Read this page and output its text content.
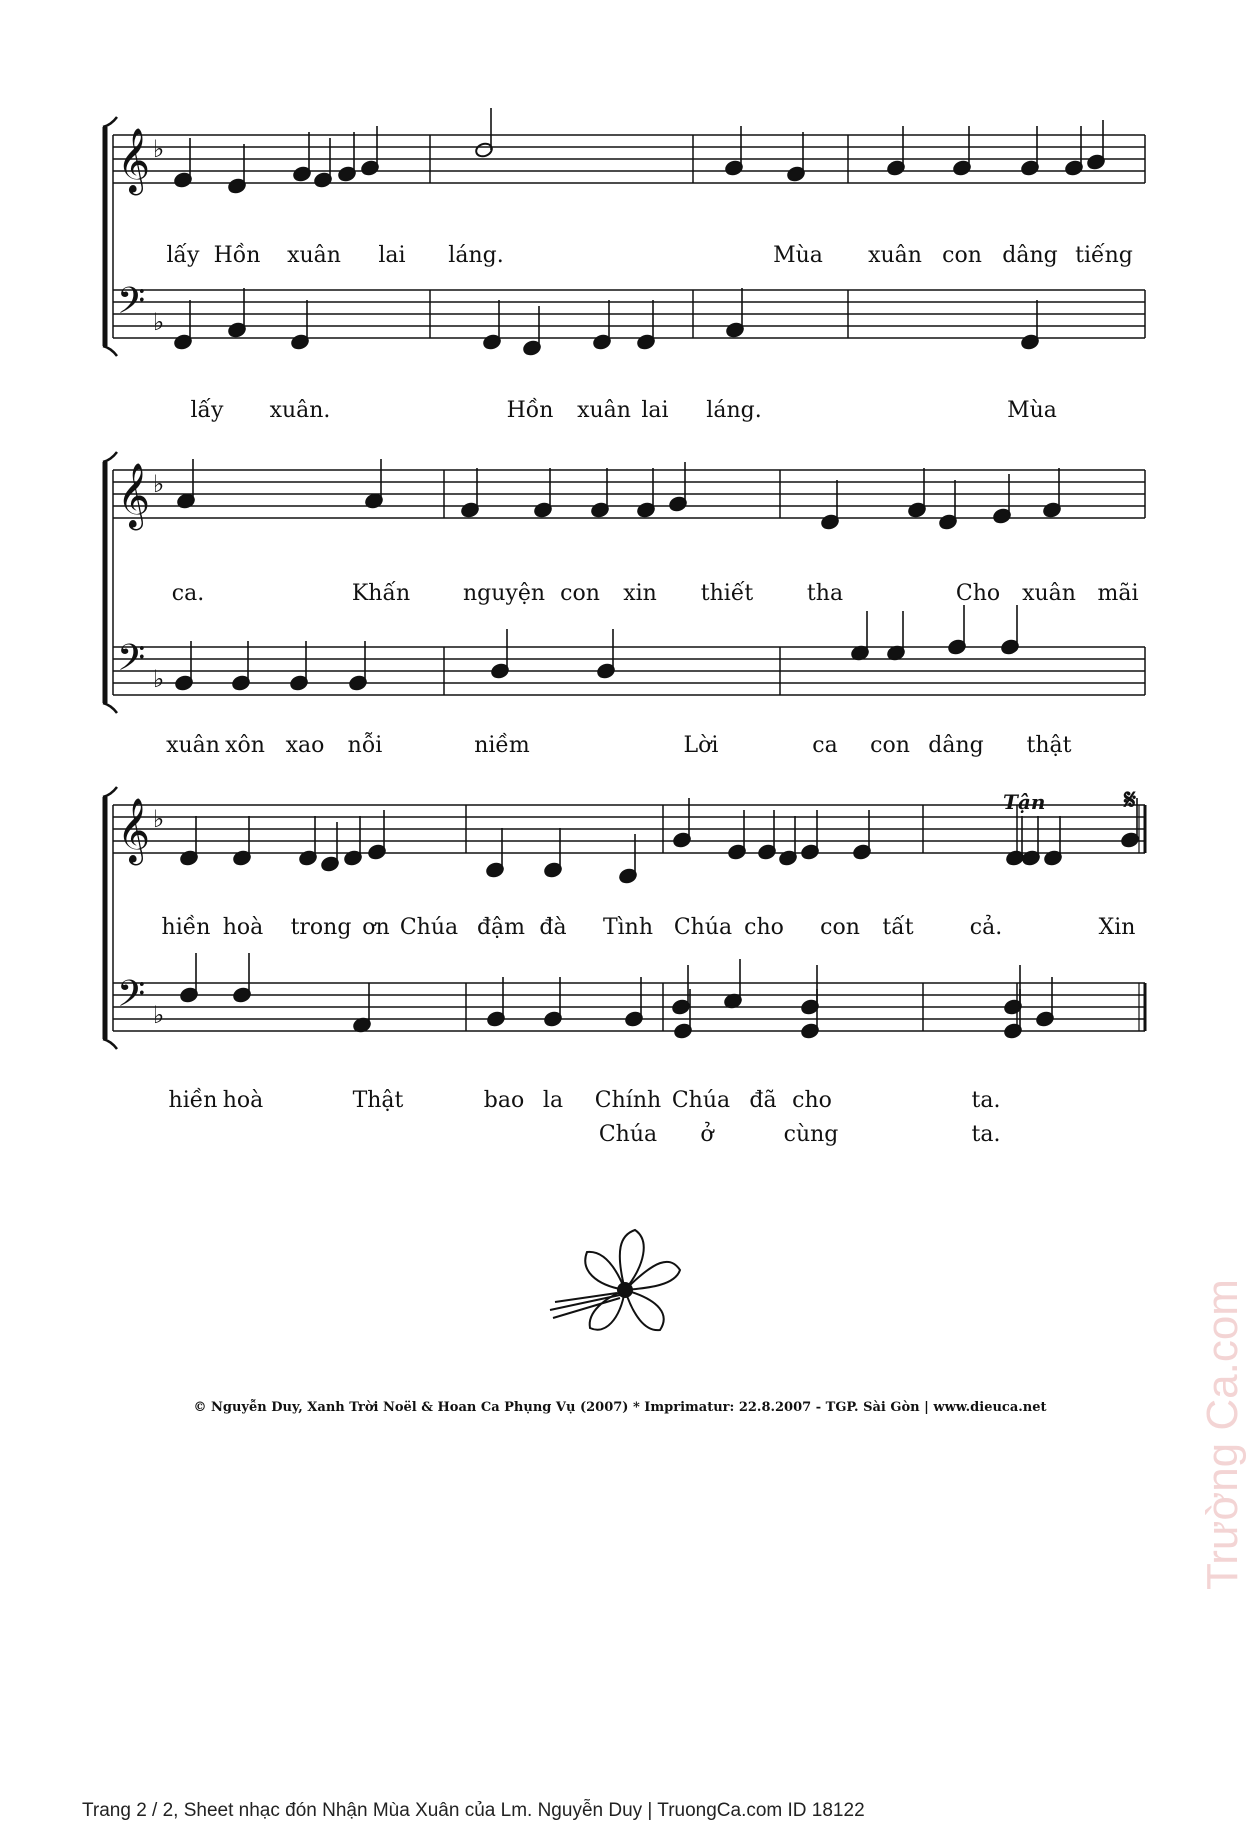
𝄞 ♭
𝄢 ♭
𝄞 ♭
𝄢 ♭
𝄞 ♭
𝄢 ♭
lấy Hồn xuân lai láng.	Mùa xuân con dâng tiếng
lấy xuân.	Hồn xuân lai láng.	Mùa
ca.	Khấn nguyện con xin thiết tha	Cho xuân mãi
xuân xôn xao nỗi	niềm	Lời	ca con dâng thật
Tận	𝄋
hiền hoà trong ơn Chúa đậm đà Tình Chúa cho con tất	cả.	Xin
hiền hoà	Thật	bao la Chính Chúa đã cho	ta.
Chúa ở	cùng	ta.
© Nguyễn Duy, Xanh Trời Noël & Hoan Ca Phụng Vụ (2007) * Imprimatur: 22.8.2007 - TGP. Sài Gòn | www.dieuca.net
Trang 2 / 2, Sheet nhạc đón Nhận Mùa Xuân của Lm. Nguyễn Duy | TruongCa.com ID 18122
Trường Ca.com
